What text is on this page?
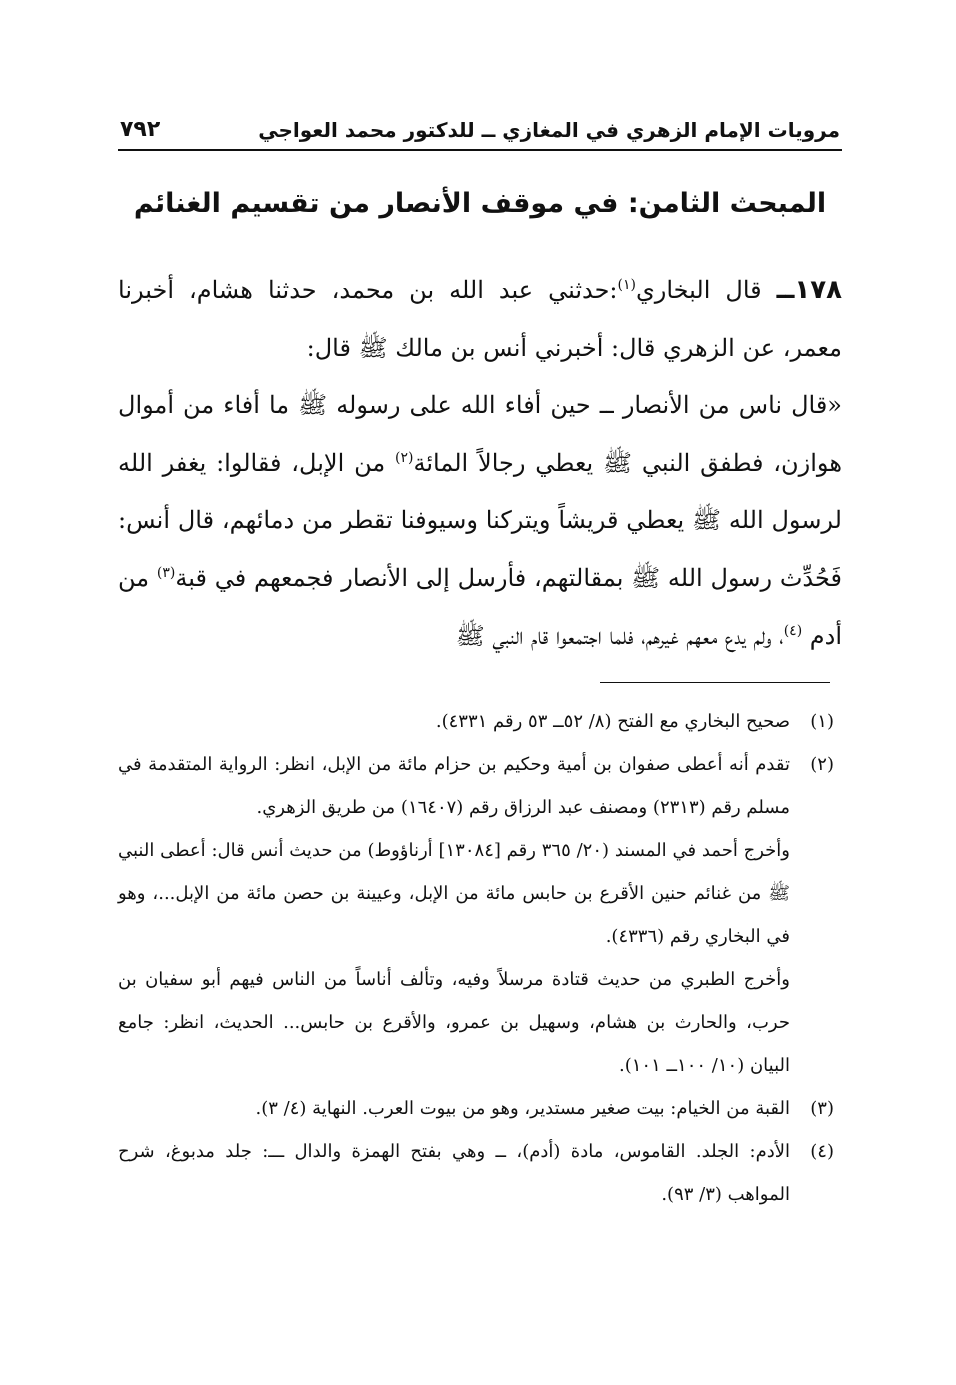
مرويات الإمام الزهري في المغازي ــ للدكتور محمد العواجي
٧٩٢
المبحث الثامن: في موقف الأنصار من تقسيم الغنائم

١٧٨ــ قال البخاري$^{(١)}$:حدثني عبد الله بن محمد، حدثنا هشام، أخبرنا معمر، عن الزهري قال: أخبرني أنس بن مالك ﷺ قال:

«قال ناس من الأنصار ــ حين أفاء الله على رسوله ﷺ ما أفاء من أموال هوازن، فطفق النبي ﷺ يعطي رجالاً المائة$^{(٢)}$ من الإبل، فقالوا: يغفر الله لرسول الله ﷺ يعطي قريشاً ويتركنا وسيوفنا تقطر من دمائهم، قال أنس: فَحُدِّث رسول الله ﷺ بمقالتهم، فأرسل إلى الأنصار فجمعهم في قبة$^{(٣)}$ من أدم $^{(٤)}$، ولم يدع معهم غيرهم، فلما اجتمعوا قام النبي ﷺ

(١)

صحيح البخاري مع الفتح (٨/ ٥٢ــ ٥٣ رقم ٤٣٣١).

(٢)

تقدم أنه أعطى صفوان بن أمية وحكيم بن حزام مائة من الإبل، انظر: الرواية المتقدمة في مسلم رقم (٢٣١٣) ومصنف عبد الرزاق رقم (١٦٤٠٧) من طريق الزهري.

وأخرج أحمد في المسند (٢٠/ ٣٦٥ رقم [١٣٠٨٤] أرناؤوط) من حديث أنس قال: أعطى النبي ﷺ من غنائم حنين الأقرع بن حابس مائة من الإبل، وعيينة بن حصن مائة من الإبل...، وهو في البخاري رقم (٤٣٣٦).

وأخرج الطبري من حديث قتادة مرسلاً وفيه، وتألف أناساً من الناس فيهم أبو سفيان بن حرب، والحارث بن هشام، وسهيل بن عمرو، والأقرع بن حابس... الحديث، انظر: جامع البيان (١٠/ ١٠٠ــ ١٠١).

(٣)

القبة من الخيام: بيت صغير مستدير، وهو من بيوت العرب. النهاية (٤/ ٣).

(٤)

الأدم: الجلد. القاموس، مادة (أدم)، ــ وهي بفتح الهمزة والدال ـــ: جلد مدبوغ، شرح المواهب (٣/ ٩٣).
